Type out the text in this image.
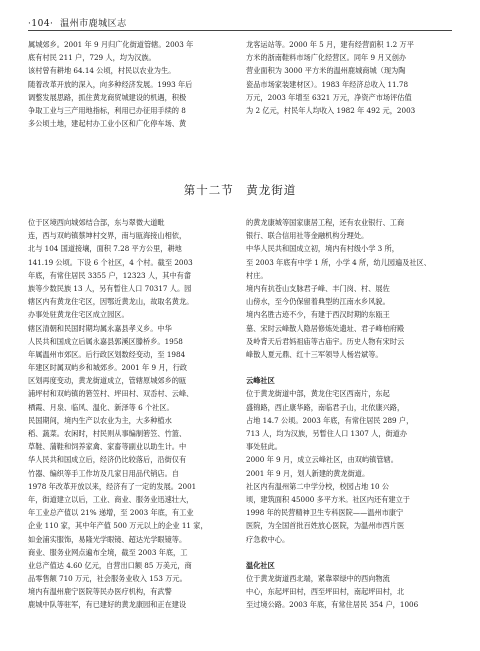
·104· 温州市鹿城区志
属城郊乡。2001 年 9 月归广化街道管辖。2003 年
底有村民 211 户，729 人，均为汉族。
该村曾有耕地 64.14 公顷，村民以农业为生。
随着改革开放的深入，向多种经济发展。1993 年后
调整发展思路，抓住黄龙商贸城建设的机遇，积极
争取工业与三产用地指标，利用已办征用手续的 8
多公顷土地，建起村办工业小区和广化停车场、黄
龙客运站等。2000 年 5 月，建有经营面积 1.2 万平
方米的浙南鞋料市场广化经营区。同年 9 月又创办
营业面积为 3000 平方米的温州鹿城商城（现为陶
瓷品市场家装建材区）。1983 年经济总收入 11.78
万元，2003 年增至 6321 万元，净资产市场评估值
为 2 亿元，村民年人均收入 1982 年 492 元，2003
第十二节　黄龙街道
位于区境西向城郊结合部，东与翠微大道毗
连，西与双屿镇蔡坤村交界，南与瓯海接山相依，
北与 104 国道接壤，面积 7.28 平方公里，耕地
141.19 公顷。下设 6 个社区，4 个村。截至 2003
年底，有常住居民 3355 户，12323 人，其中有畲
族等少数民族 13 人，另有暂住人口 70317 人。园
辖区内有黄龙住宅区，因鄂近黄龙山，故取名黄龙。
办事处驻黄龙住宅区成立园区。
辖区清朝和民国时期均属永嘉县孝义乡。中华
人民共和国成立后属永嘉县郭溪区滕桥乡。1958
年属温州市郊区。后行政区划数经变动，至 1984
年建区时属双屿乡和城郊乡。2001 年 9 月，行政
区划再度变动，黄龙街道成立，管辖原城郊乡的瓯
浦坪村和双屿镇的箬笠村、坪田村、双岙村、云峰、
栖霞、月泉、临风、温化、新泽等 6 个社区。
民国期间，境内生产以农业为主，大多种植水
稻、蔬菜。农闲时，村民则从事编制箬笠、竹篮、
草鞋、蒲鞋和饲养家禽、家畜等副业以助生计。中
华人民共和国成立后，经济仍比较落后，沿街仅有
竹器、编织等手工作坊及几家日用品代销店。自
1978 年改革开放以来，经济有了一定的发展。2001
年，街道建立以后，工业、商业、服务业迅速壮大，
年工业总产值以 21% 递增，至 2003 年底，有工业
企业 110 家，其中年产值 500 万元以上的企业 11 家，
如金浦实服饰，易隆光学眼镜、超达光学眼镜等。
商业、服务业网点遍布全境，截至 2003 年底，工
业总产值达 4.60 亿元，自营出口额 85 万美元，商
品零售额 710 万元，社会服务业收入 153 万元。
境内有温州鹿宁医院等民办医疗机构，有武警
鹿城中队等驻军，有已建好的黄龙康园和正在建设
的黄龙康城等国家康居工程，还有农业银行、工商
银行、联合信用社等金融机构分理处。
中华人民共和国成立初，境内有村级小学 3 所，
至 2003 年底有中学 1 所，小学 4 所，幼儿园遍及社区、
村庄。
境内有抗苍山支脉君子峰、丰门岗、村、展佐
山傍水，至今仍保留着典型的江南水乡风貌。
境内名胜古迹不少，有建于西汉时期的东瓯王
墓、宋时云峰散人隐居修炼处遗址、君子峰柏府殿
及岭背天后君妈祖庙等古庙宇。历史人物有宋时云
峰散人夏元鼎、红十三军领导人杨岩斌等。
云峰社区
位于黄龙街道中部，黄龙住宅区西南片，东起
盛锦路，西止康华路，南临君子山，北依康兴路，
占地 14.7 公顷。2003 年底，有常住居民 289 户，
713 人，均为汉族，另暂住人口 1307 人，街道办
事处驻此。
2000 年 9 月，成立云峰社区，由双屿镇管辖。
2001 年 9 月，划人新建的黄龙街道。
社区内有温州第二中学分校，校园占地 10 公
顷，建筑面积 45000 多平方米。社区内还有建立于
1998 年的民营精神卫生专科医院——温州市康宁
医院，为全国首批百姓放心医院，为温州市西片医
疗急救中心。
温化社区
位于黄龙街道西北端，紧靠翠绿中的西向物流
中心，东起坪田村，西至坪田村，南起坪田村，北
至过境公路。2003 年底，有常住居民 354 户，1006
